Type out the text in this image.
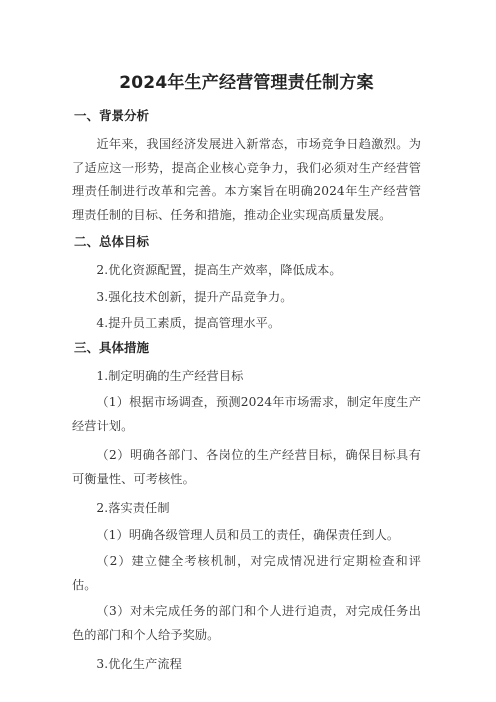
2024年生产经营管理责任制方案
一、背景分析

近年来，我国经济发展进入新常态，市场竞争日趋激烈。为了适应这一形势，提高企业核心竞争力，我们必须对生产经营管理责任制进行改革和完善。本方案旨在明确2024年生产经营管理责任制的目标、任务和措施，推动企业实现高质量发展。

二、总体目标

2.优化资源配置，提高生产效率，降低成本。

3.强化技术创新，提升产品竞争力。

4.提升员工素质，提高管理水平。

三、具体措施

1.制定明确的生产经营目标

（1）根据市场调查，预测2024年市场需求，制定年度生产经营计划。

（2）明确各部门、各岗位的生产经营目标，确保目标具有可衡量性、可考核性。

2.落实责任制

（1）明确各级管理人员和员工的责任，确保责任到人。

（2）建立健全考核机制，对完成情况进行定期检查和评估。

（3）对未完成任务的部门和个人进行追责，对完成任务出色的部门和个人给予奖励。

3.优化生产流程
